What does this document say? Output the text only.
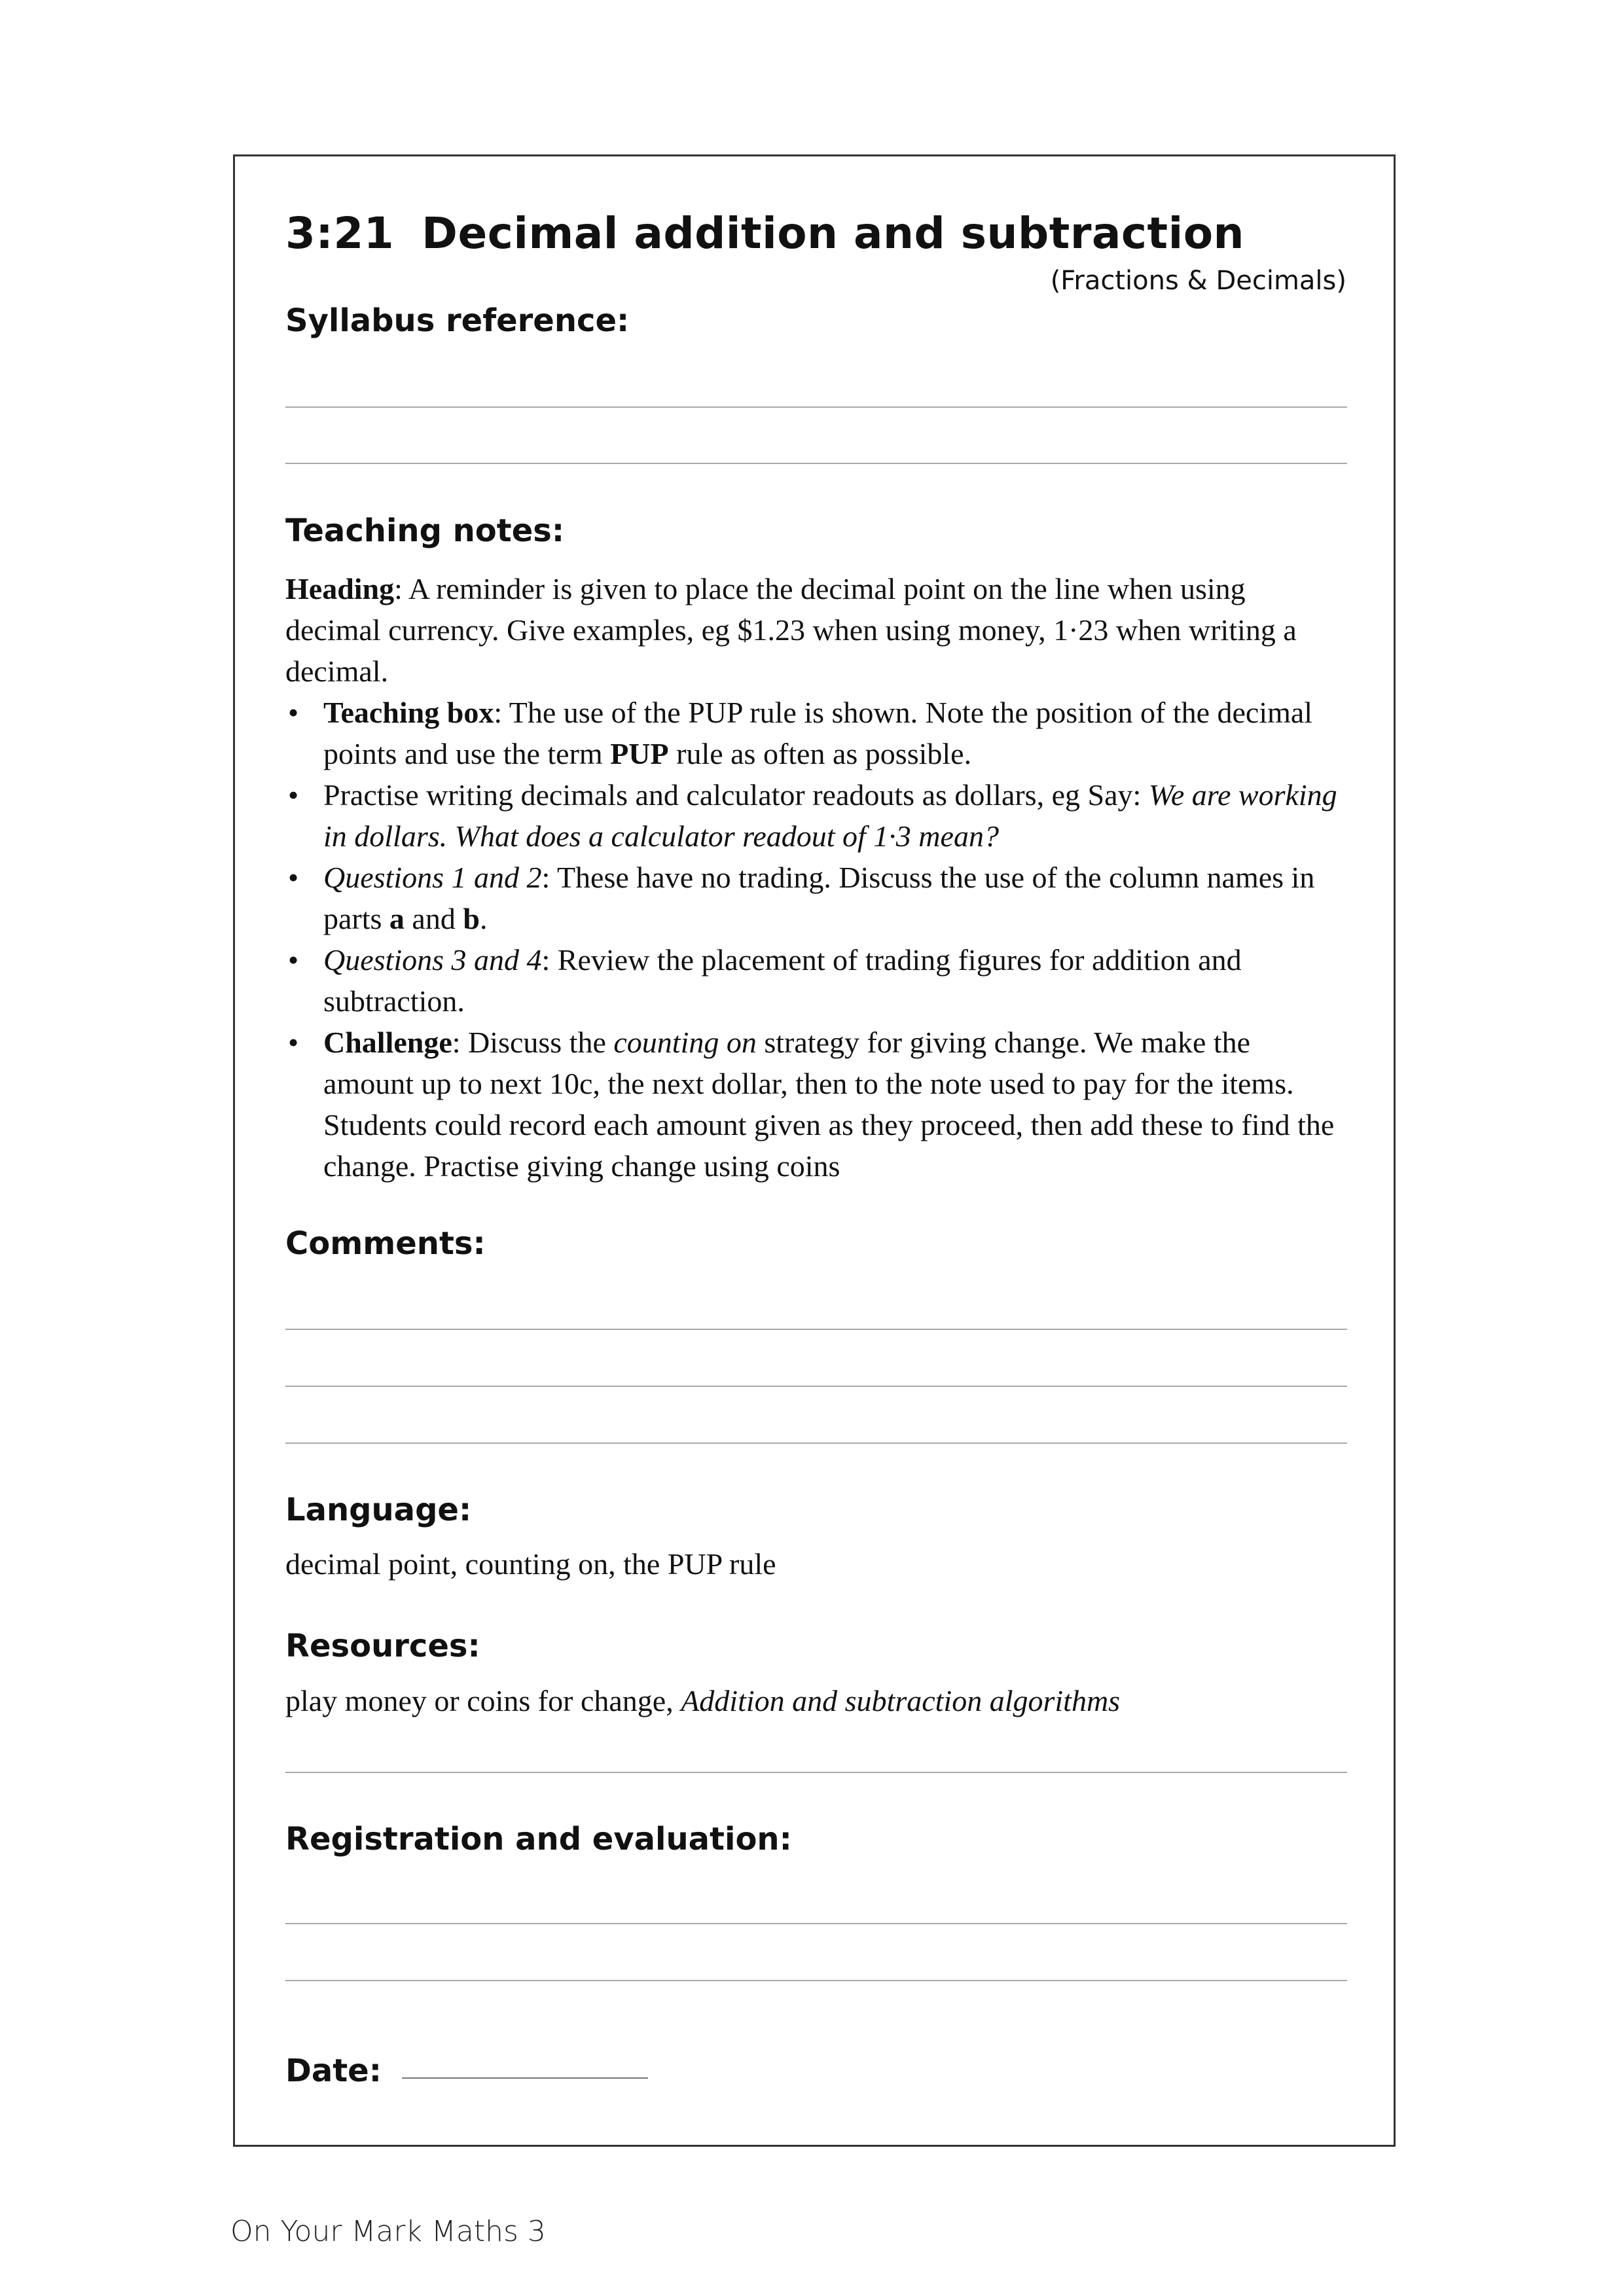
3:21 Decimal addition and subtraction
(Fractions & Decimals)
Syllabus reference:
Teaching notes:

Heading: A reminder is given to place the decimal point on the line when using decimal currency. Give examples, eg $1.23 when using money, 1·23 when writing a decimal.

• Teaching box: The use of the PUP rule is shown. Note the position of the decimal points and use the term PUP rule as often as possible.
• Practise writing decimals and calculator readouts as dollars, eg Say: We are working in dollars. What does a calculator readout of 1·3 mean?
• Questions 1 and 2: These have no trading. Discuss the use of the column names in parts a and b.
• Questions 3 and 4: Review the placement of trading figures for addition and subtraction.
• Challenge: Discuss the counting on strategy for giving change. We make the amount up to next 10c, the next dollar, then to the note used to pay for the items. Students could record each amount given as they proceed, then add these to find the change. Practise giving change using coins
Comments:
Language:
decimal point, counting on, the PUP rule
Resources:
play money or coins for change, Addition and subtraction algorithms
Registration and evaluation:
Date:
On Your Mark Maths 3
